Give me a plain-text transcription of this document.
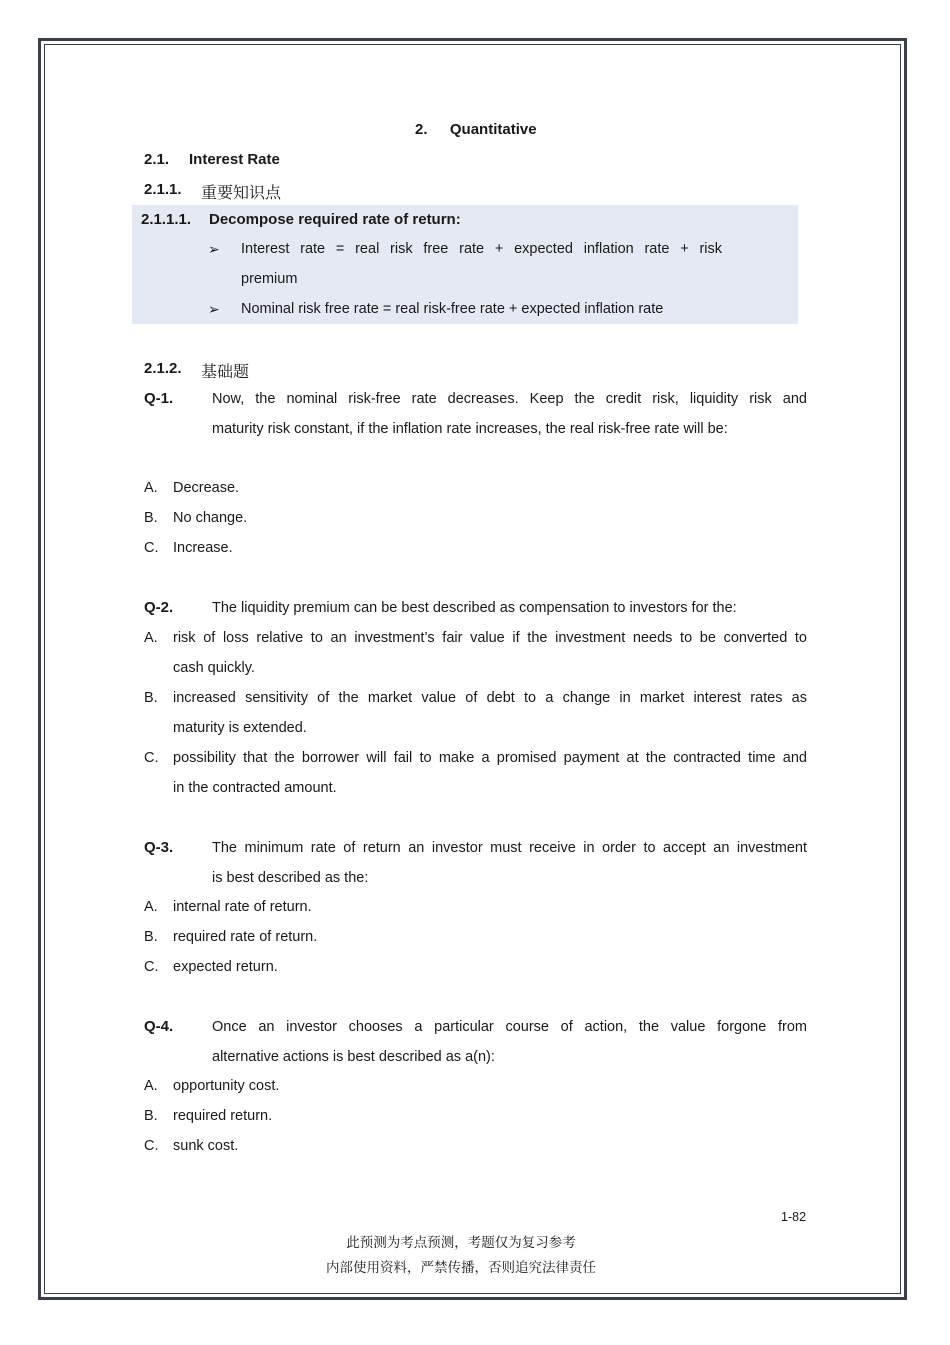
2. Quantitative
2.1. Interest Rate
2.1.1. 重要知识点
2.1.1.1. Decompose required rate of return:
➢ Interest rate = real risk free rate + expected inflation rate + risk
premium
➢ Nominal risk free rate = real risk-free rate + expected inflation rate
2.1.2. 基础题
Q-1.	Now, the nominal risk-free rate decreases. Keep the credit risk, liquidity risk and
maturity risk constant, if the inflation rate increases, the real risk-free rate will be:
A. Decrease.
B. No change.
C. Increase.
Q-2.	The liquidity premium can be best described as compensation to investors for the:
A. risk of loss relative to an investment’s fair value if the investment needs to be converted to
cash quickly.
B. increased sensitivity of the market value of debt to a change in market interest rates as
maturity is extended.
C. possibility that the borrower will fail to make a promised payment at the contracted time and
in the contracted amount.
Q-3.	The minimum rate of return an investor must receive in order to accept an investment
is best described as the:
A. internal rate of return.
B. required rate of return.
C. expected return.
Q-4.	Once an investor chooses a particular course of action, the value forgone from
alternative actions is best described as a(n):
A. opportunity cost.
B. required return.
C. sunk cost.
1-82
此预测为考点预测，考题仅为复习参考
内部使用资料，严禁传播，否则追究法律责任
